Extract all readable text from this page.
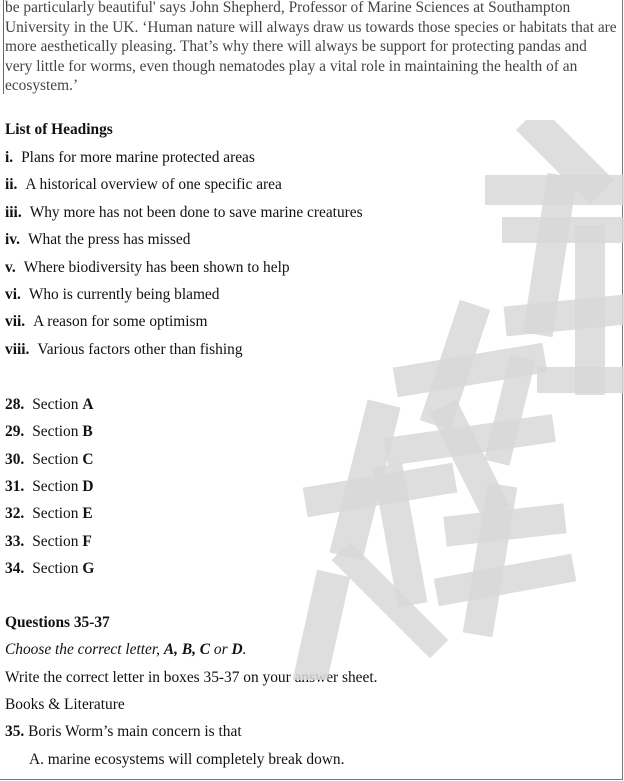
be particularly beautiful' says John Shepherd, Professor of Marine Sciences at Southampton University in the UK. ‘Human nature will always draw us towards those species or habitats that are more aesthetically pleasing. That’s why there will always be support for protecting pandas and very little for worms, even though nematodes play a vital role in maintaining the health of an ecosystem.’
List of Headings
i. Plans for more marine protected areas
ii. A historical overview of one specific area
iii. Why more has not been done to save marine creatures
iv. What the press has missed
v. Where biodiversity has been shown to help
vi. Who is currently being blamed
vii. A reason for some optimism
viii. Various factors other than fishing
28. Section A
29. Section B
30. Section C
31. Section D
32. Section E
33. Section F
34. Section G
Questions 35-37
Choose the correct letter, A, B, C or D.
Write the correct letter in boxes 35-37 on your answer sheet.
Books & Literature
35. Boris Worm’s main concern is that
A. marine ecosystems will completely break down.
